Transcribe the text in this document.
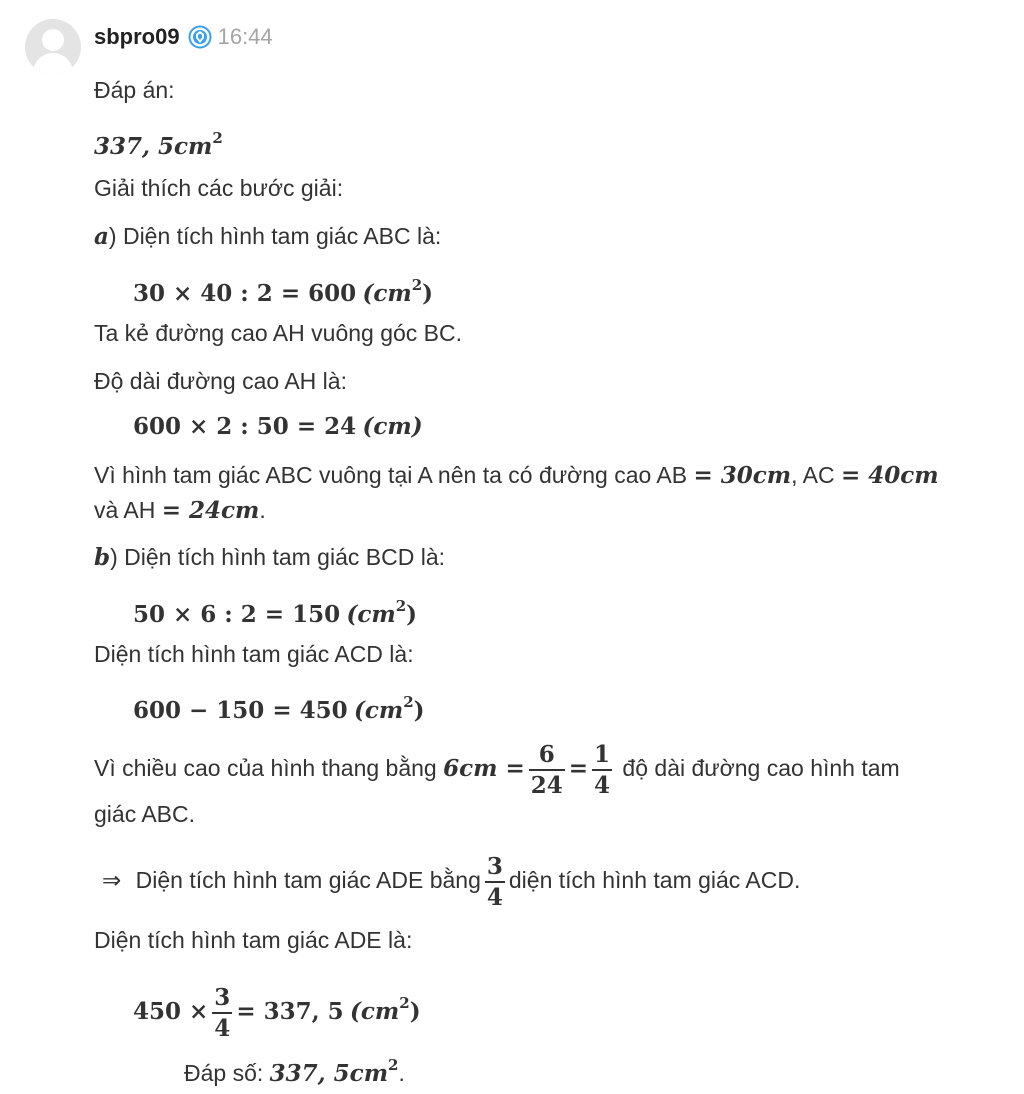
sbpro09 16:44
Đáp án:
337, $5cm^2$
Giải thích các bước giải:
a) Diện tích hình tam giác ABC là:
30 × 40 : 2 = 600 $(cm^2)$
Ta kẻ đường cao AH vuông góc BC.
Độ dài đường cao AH là:
600 × 2 : 50 = 24 (cm)
Vì hình tam giác ABC vuông tại A nên ta có đường cao AB = 30cm, AC = 40cm
và AH = 24cm.
b) Diện tích hình tam giác BCD là:
50 × 6 : 2 = 150 $(cm^2)$
Diện tích hình tam giác ACD là:
600 − 150 = 450 $(cm^2)$
Vì chiều cao của hình thang bằng $6cm = \frac{6}{24} = \frac{1}{4}$ độ dài đường cao hình tam
giác ABC.
⇒ Diện tích hình tam giác ADE bằng $\frac{3}{4}$ diện tích hình tam giác ACD.
Diện tích hình tam giác ADE là:
$450 \times \frac{3}{4} = 337$, 5 $(cm^2)$
Đáp số: 337, $5cm^2$.
